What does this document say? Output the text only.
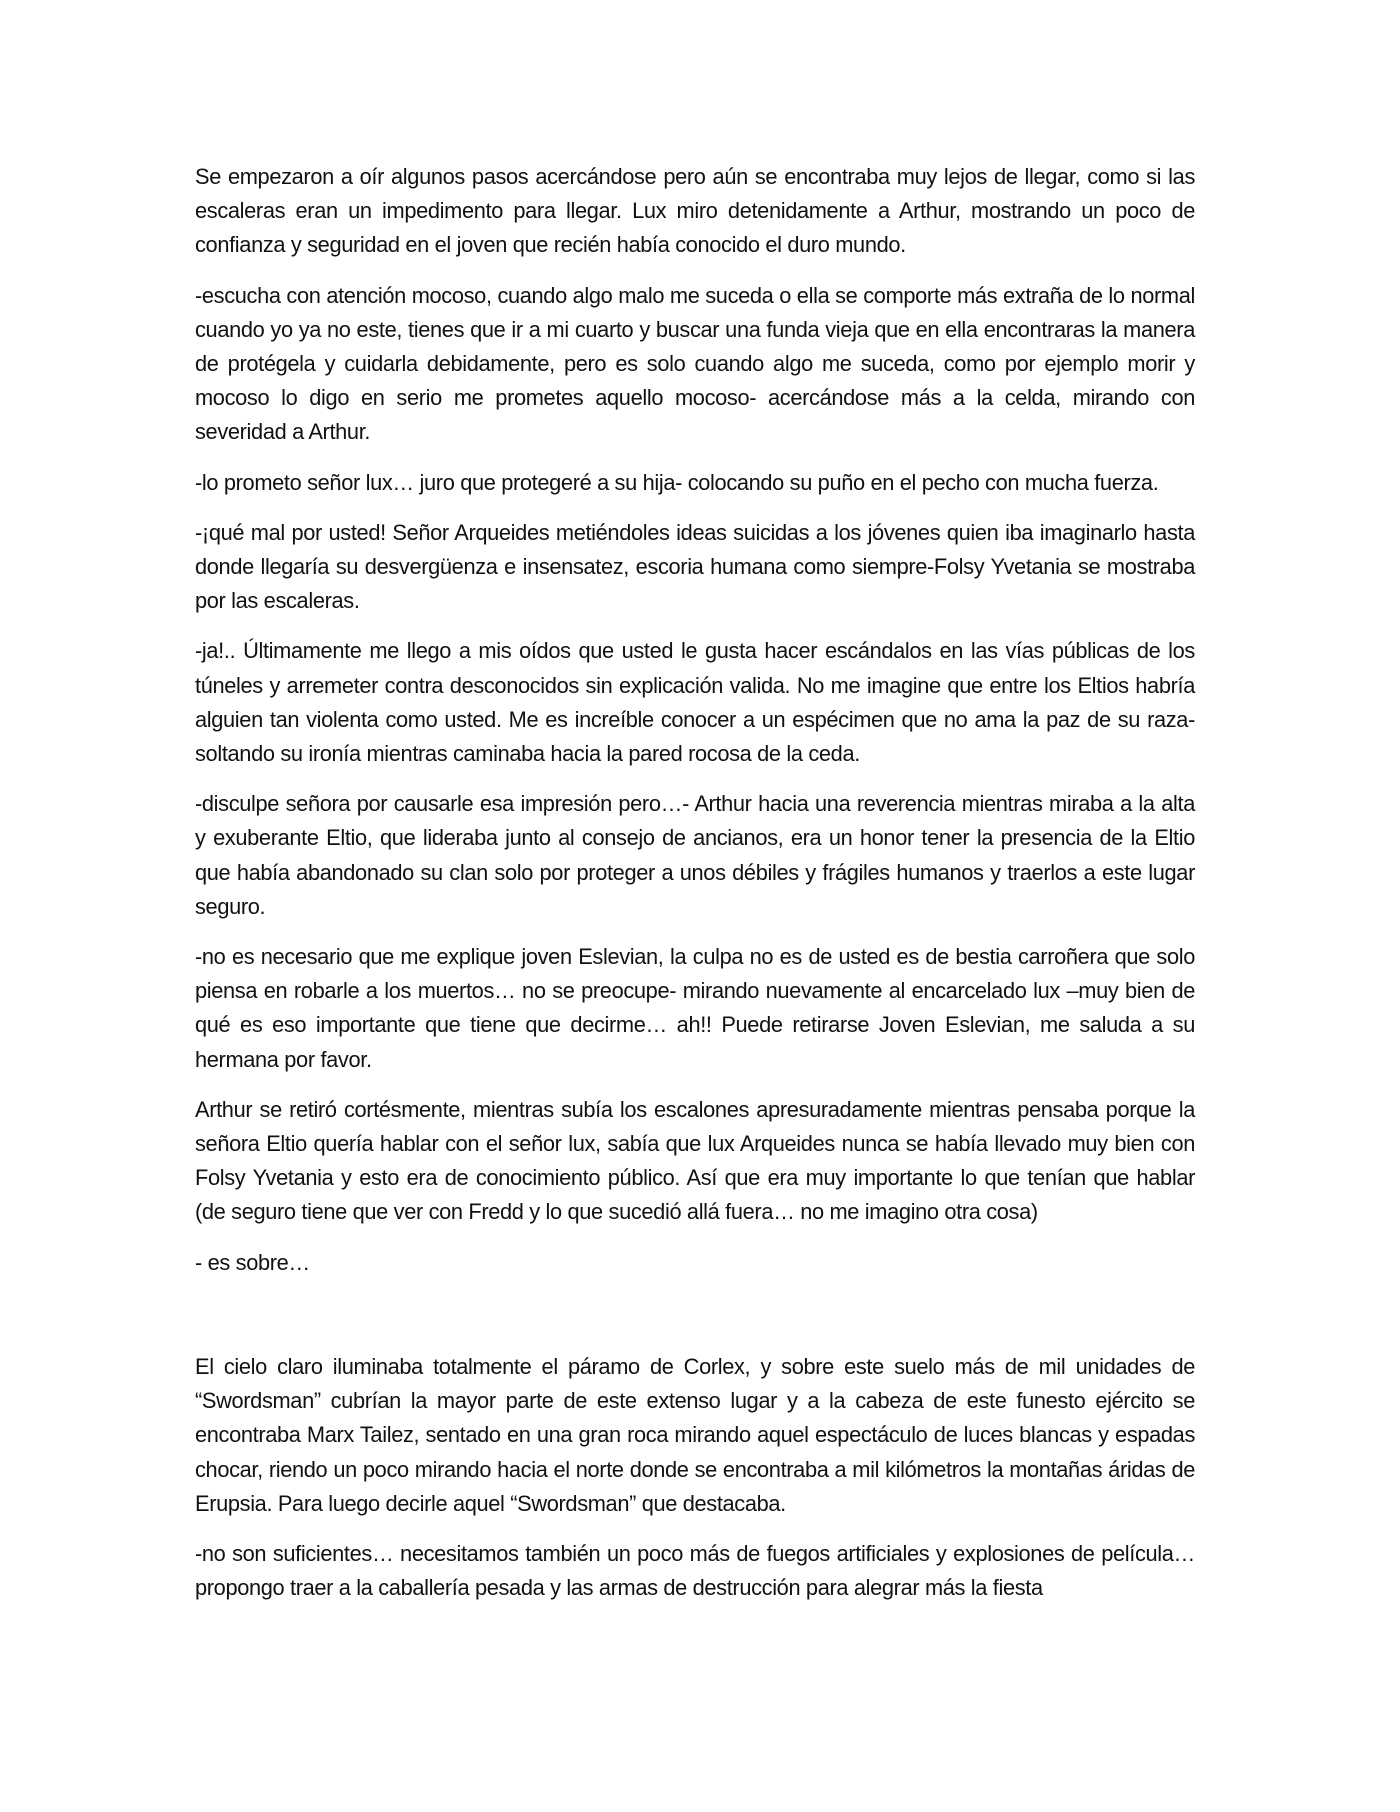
Se empezaron a oír algunos pasos acercándose pero aún se encontraba muy lejos de llegar, como si las escaleras eran un impedimento para llegar. Lux miro detenidamente a Arthur, mostrando un poco de confianza y seguridad en el joven que recién había conocido el duro mundo.

-escucha con atención mocoso, cuando algo malo me suceda o ella se comporte más extraña de lo normal cuando yo ya no este, tienes que ir a mi cuarto y buscar una funda vieja que en ella encontraras la manera de protégela y cuidarla debidamente, pero es solo cuando algo me suceda, como por ejemplo morir y mocoso lo digo en serio me prometes aquello mocoso- acercándose más a la celda, mirando con severidad a Arthur.

-lo prometo señor lux… juro que protegeré a su hija- colocando su puño en el pecho con mucha fuerza.

-¡qué mal por usted! Señor Arqueides metiéndoles ideas suicidas a los jóvenes quien iba imaginarlo hasta donde llegaría su desvergüenza e insensatez, escoria humana como siempre-Folsy Yvetania se mostraba por las escaleras.

-ja!.. Últimamente me llego a mis oídos que usted le gusta hacer escándalos en las vías públicas de los túneles y arremeter contra desconocidos sin explicación valida. No me imagine que entre los Eltios habría alguien tan violenta como usted. Me es increíble conocer a un espécimen que no ama la paz de su raza- soltando su ironía mientras caminaba hacia la pared rocosa de la ceda.

-disculpe señora por causarle esa impresión pero…- Arthur hacia una reverencia mientras miraba a la alta y exuberante Eltio, que lideraba junto al consejo de ancianos, era un honor tener la presencia de la Eltio que había abandonado su clan solo por proteger a unos débiles y frágiles humanos y traerlos a este lugar seguro.

-no es necesario que me explique joven Eslevian, la culpa no es de usted es de bestia carroñera que solo piensa en robarle a los muertos… no se preocupe- mirando nuevamente al encarcelado lux –muy bien de qué es eso importante que tiene que decirme… ah!! Puede retirarse Joven Eslevian, me saluda a su hermana por favor.

Arthur se retiró cortésmente, mientras subía los escalones apresuradamente mientras pensaba porque la señora Eltio quería hablar con el señor lux, sabía que lux Arqueides nunca se había llevado muy bien con Folsy Yvetania y esto era de conocimiento público. Así que era muy importante lo que tenían que hablar (de seguro tiene que ver con Fredd y lo que sucedió allá fuera… no me imagino otra cosa)

- es sobre…

El cielo claro iluminaba totalmente el páramo de Corlex, y sobre este suelo más de mil unidades de “Swordsman” cubrían la mayor parte de este extenso lugar y a la cabeza de este funesto ejército se encontraba Marx Tailez, sentado en una gran roca mirando aquel espectáculo de luces blancas y espadas chocar, riendo un poco mirando hacia el norte donde se encontraba a mil kilómetros la montañas áridas de Erupsia. Para luego decirle aquel “Swordsman” que destacaba.

-no son suficientes… necesitamos también un poco más de fuegos artificiales y explosiones de película… propongo traer a la caballería pesada y las armas de destrucción para alegrar más la fiesta
